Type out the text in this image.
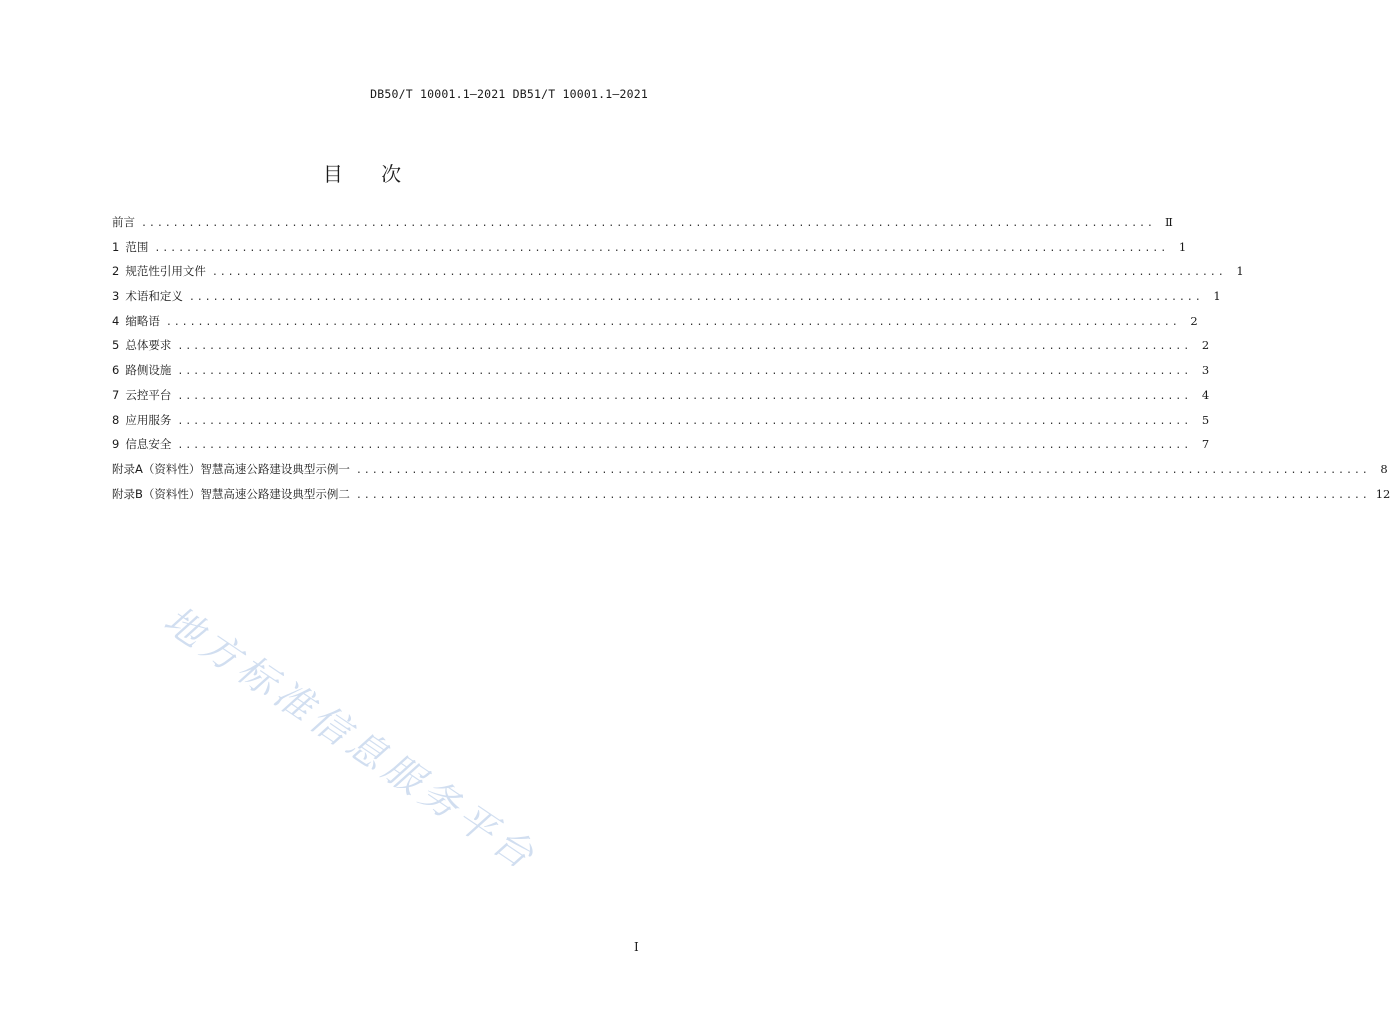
DB50/T 10001.1—2021 DB51/T 10001.1—2021
目 次
前言 ................................................................................................................................ Ⅱ
1 范围 ................................................................................................................................ 1
2 规范性引用文件 ................................................................................................................................ 1
3 术语和定义 ................................................................................................................................ 1
4 缩略语 ................................................................................................................................ 2
5 总体要求 ................................................................................................................................ 2
6 路侧设施 ................................................................................................................................ 3
7 云控平台 ................................................................................................................................ 4
8 应用服务 ................................................................................................................................ 5
9 信息安全 ................................................................................................................................ 7
附录A（资料性）智慧高速公路建设典型示例一 ................................................................................................................................ 8
附录B（资料性）智慧高速公路建设典型示例二 ................................................................................................................................ 12
地方标准信息服务平台
I
